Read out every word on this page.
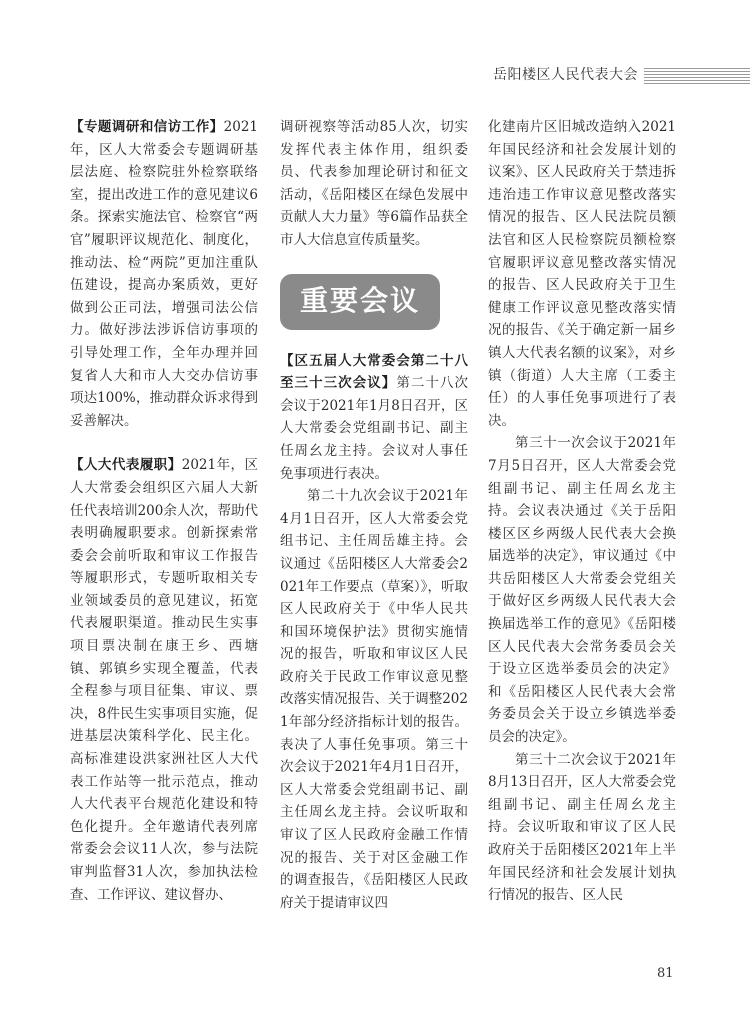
岳阳楼区人民代表大会

【专题调研和信访工作】2021年，区人大常委会专题调研基层法庭、检察院驻外检察联络室，提出改进工作的意见建议6条。探索实施法官、检察官“两官”履职评议规范化、制度化，推动法、检“两院”更加注重队伍建设，提高办案质效，更好做到公正司法，增强司法公信力。做好涉法涉诉信访事项的引导处理工作，全年办理并回复省人大和市人大交办信访事项达100%，推动群众诉求得到妥善解决。

【人大代表履职】2021年，区人大常委会组织区六届人大新任代表培训200余人次，帮助代表明确履职要求。创新探索常委会会前听取和审议工作报告等履职形式，专题听取相关专业领域委员的意见建议，拓宽代表履职渠道。推动民生实事项目票决制在康王乡、西塘镇、郭镇乡实现全覆盖，代表全程参与项目征集、审议、票决，8件民生实事项目实施，促进基层决策科学化、民主化。高标准建设洪家洲社区人大代表工作站等一批示范点，推动人大代表平台规范化建设和特色化提升。全年邀请代表列席常委会会议11人次，参与法院审判监督31人次，参加执法检查、工作评议、建议督办、

调研视察等活动85人次，切实发挥代表主体作用，组织委员、代表参加理论研讨和征文活动，《岳阳楼区在绿色发展中贡献人大力量》等6篇作品获全市人大信息宣传质量奖。

重要会议

【区五届人大常委会第二十八至三十三次会议】第二十八次会议于2021年1月8日召开，区人大常委会党组副书记、副主任周幺龙主持。会议对人事任免事项进行表决。

第二十九次会议于2021年4月1日召开，区人大常委会党组书记、主任周岳雄主持。会议通过《岳阳楼区人大常委会2021年工作要点（草案）》，听取区人民政府关于《中华人民共和国环境保护法》贯彻实施情况的报告，听取和审议区人民政府关于民政工作审议意见整改落实情况报告、关于调整2021年部分经济指标计划的报告。表决了人事任免事项。第三十次会议于2021年4月1日召开，区人大常委会党组副书记、副主任周幺龙主持。会议听取和审议了区人民政府金融工作情况的报告、关于对区金融工作的调查报告，《岳阳楼区人民政府关于提请审议四

化建南片区旧城改造纳入2021年国民经济和社会发展计划的议案》、区人民政府关于禁违拆违治违工作审议意见整改落实情况的报告、区人民法院员额法官和区人民检察院员额检察官履职评议意见整改落实情况的报告、区人民政府关于卫生健康工作评议意见整改落实情况的报告、《关于确定新一届乡镇人大代表名额的议案》，对乡镇（街道）人大主席（工委主任）的人事任免事项进行了表决。

第三十一次会议于2021年7月5日召开，区人大常委会党组副书记、副主任周幺龙主持。会议表决通过《关于岳阳楼区区乡两级人民代表大会换届选举的决定》，审议通过《中共岳阳楼区人大常委会党组关于做好区乡两级人民代表大会换届选举工作的意见》《岳阳楼区人民代表大会常务委员会关于设立区选举委员会的决定》和《岳阳楼区人民代表大会常务委员会关于设立乡镇选举委员会的决定》。

第三十二次会议于2021年8月13日召开，区人大常委会党组副书记、副主任周幺龙主持。会议听取和审议了区人民政府关于岳阳楼区2021年上半年国民经济和社会发展计划执行情况的报告、区人民

81
